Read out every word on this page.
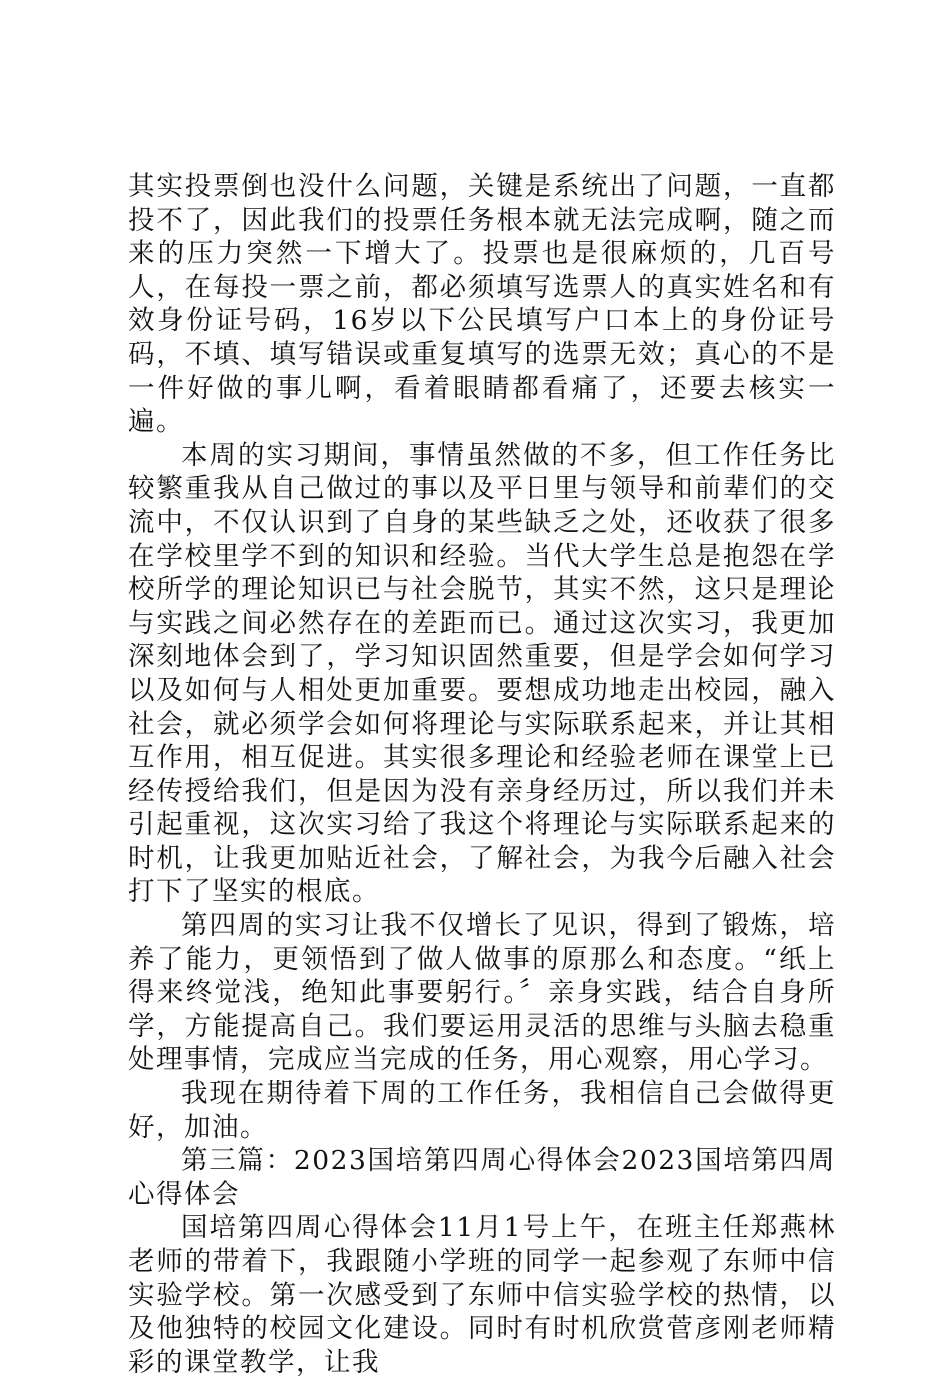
其实投票倒也没什么问题，关键是系统出了问题，一直都投不了，因此我们的投票任务根本就无法完成啊，随之而来的压力突然一下增大了。投票也是很麻烦的，几百号人，在每投一票之前，都必须填写选票人的真实姓名和有效身份证号码，16岁以下公民填写户口本上的身份证号码，不填、填写错误或重复填写的选票无效；真心的不是一件好做的事儿啊，看着眼睛都看痛了，还要去核实一遍。

本周的实习期间，事情虽然做的不多，但工作任务比较繁重我从自己做过的事以及平日里与领导和前辈们的交流中，不仅认识到了自身的某些缺乏之处，还收获了很多在学校里学不到的知识和经验。当代大学生总是抱怨在学校所学的理论知识已与社会脱节，其实不然，这只是理论与实践之间必然存在的差距而已。通过这次实习，我更加深刻地体会到了，学习知识固然重要，但是学会如何学习以及如何与人相处更加重要。要想成功地走出校园，融入社会，就必须学会如何将理论与实际联系起来，并让其相互作用，相互促进。其实很多理论和经验老师在课堂上已经传授给我们，但是因为没有亲身经历过，所以我们并未引起重视，这次实习给了我这个将理论与实际联系起来的时机，让我更加贴近社会，了解社会，为我今后融入社会打下了坚实的根底。

第四周的实习让我不仅增长了见识，得到了锻炼，培养了能力，更领悟到了做人做事的原那么和态度。“纸上得来终觉浅，绝知此事要躬行。〞亲身实践，结合自身所学，方能提高自己。我们要运用灵活的思维与头脑去稳重处理事情，完成应当完成的任务，用心观察，用心学习。

我现在期待着下周的工作任务，我相信自己会做得更好，加油。

第三篇：2023国培第四周心得体会2023国培第四周心得体会

国培第四周心得体会11月1号上午，在班主任郑燕林老师的带着下，我跟随小学班的同学一起参观了东师中信实验学校。第一次感受到了东师中信实验学校的热情，以及他独特的校园文化建设。同时有时机欣赏菅彦刚老师精彩的课堂教学，让我
